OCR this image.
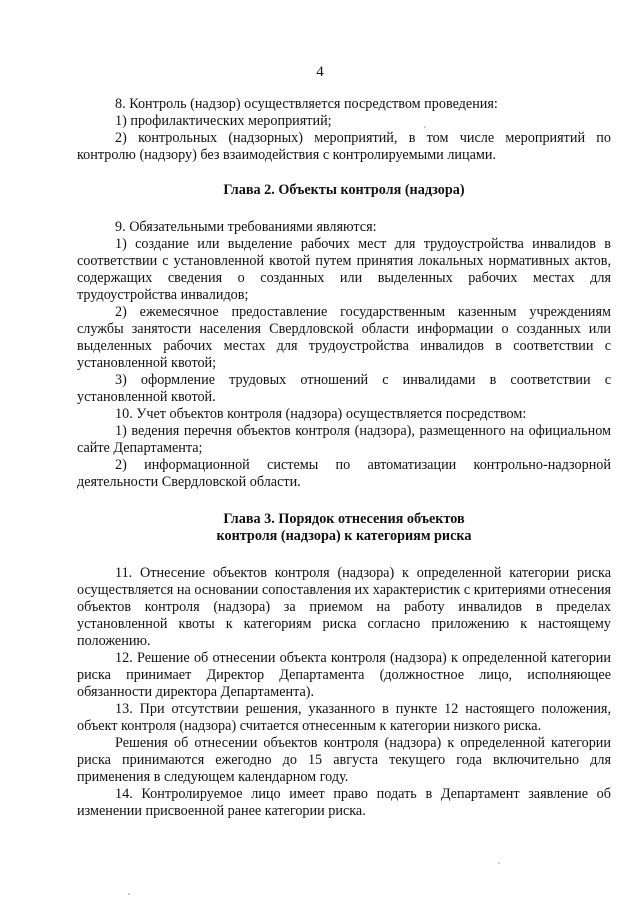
4

8. Контроль (надзор) осуществляется посредством проведения:

1) профилактических мероприятий;

2) контрольных (надзорных) мероприятий, в том числе мероприятий по контролю (надзору) без взаимодействия с контролируемыми лицами.

Глава 2. Объекты контроля (надзора)

9. Обязательными требованиями являются:

1) создание или выделение рабочих мест для трудоустройства инвалидов в соответствии с установленной квотой путем принятия локальных нормативных актов, содержащих сведения о созданных или выделенных рабочих местах для трудоустройства инвалидов;

2) ежемесячное предоставление государственным казенным учреждениям службы занятости населения Свердловской области информации о созданных или выделенных рабочих местах для трудоустройства инвалидов в соответствии с установленной квотой;

3) оформление трудовых отношений с инвалидами в соответствии с установленной квотой.

10. Учет объектов контроля (надзора) осуществляется посредством:

1) ведения перечня объектов контроля (надзора), размещенного на официальном сайте Департамента;

2) информационной системы по автоматизации контрольно-надзорной деятельности Свердловской области.

Глава 3. Порядок отнесения объектов

контроля (надзора) к категориям риска

11. Отнесение объектов контроля (надзора) к определенной категории риска осуществляется на основании сопоставления их характеристик с критериями отнесения объектов контроля (надзора) за приемом на работу инвалидов в пределах установленной квоты к категориям риска согласно приложению к настоящему положению.

12. Решение об отнесении объекта контроля (надзора) к определенной категории риска принимает Директор Департамента (должностное лицо, исполняющее обязанности директора Департамента).

13. При отсутствии решения, указанного в пункте 12 настоящего положения, объект контроля (надзора) считается отнесенным к категории низкого риска.

Решения об отнесении объектов контроля (надзора) к определенной категории риска принимаются ежегодно до 15 августа текущего года включительно для применения в следующем календарном году.

14. Контролируемое лицо имеет право подать в Департамент заявление об изменении присвоенной ранее категории риска.
